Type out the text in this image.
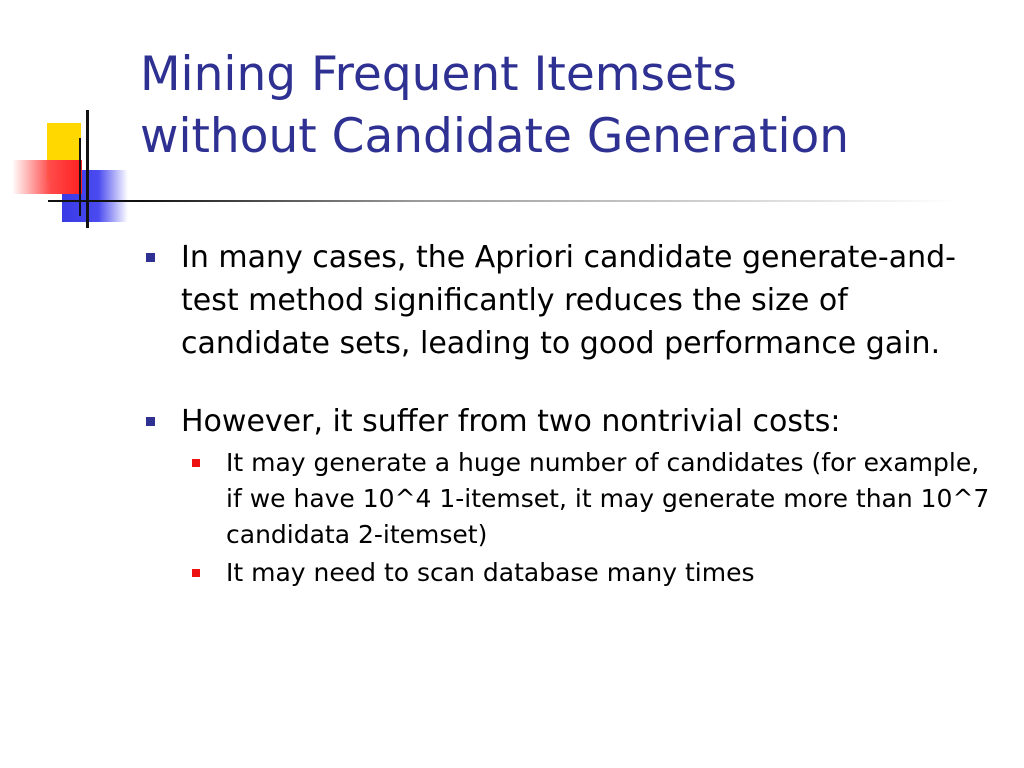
Mining Frequent Itemsets
without Candidate Generation
In many cases, the Apriori candidate generate-and-test method significantly reduces the size of candidate sets, leading to good performance gain.
However, it suffer from two nontrivial costs:
It may generate a huge number of candidates (for example, if we have 10^4 1-itemset, it may generate more than 10^7 candidata 2-itemset)
It may need to scan database many times
